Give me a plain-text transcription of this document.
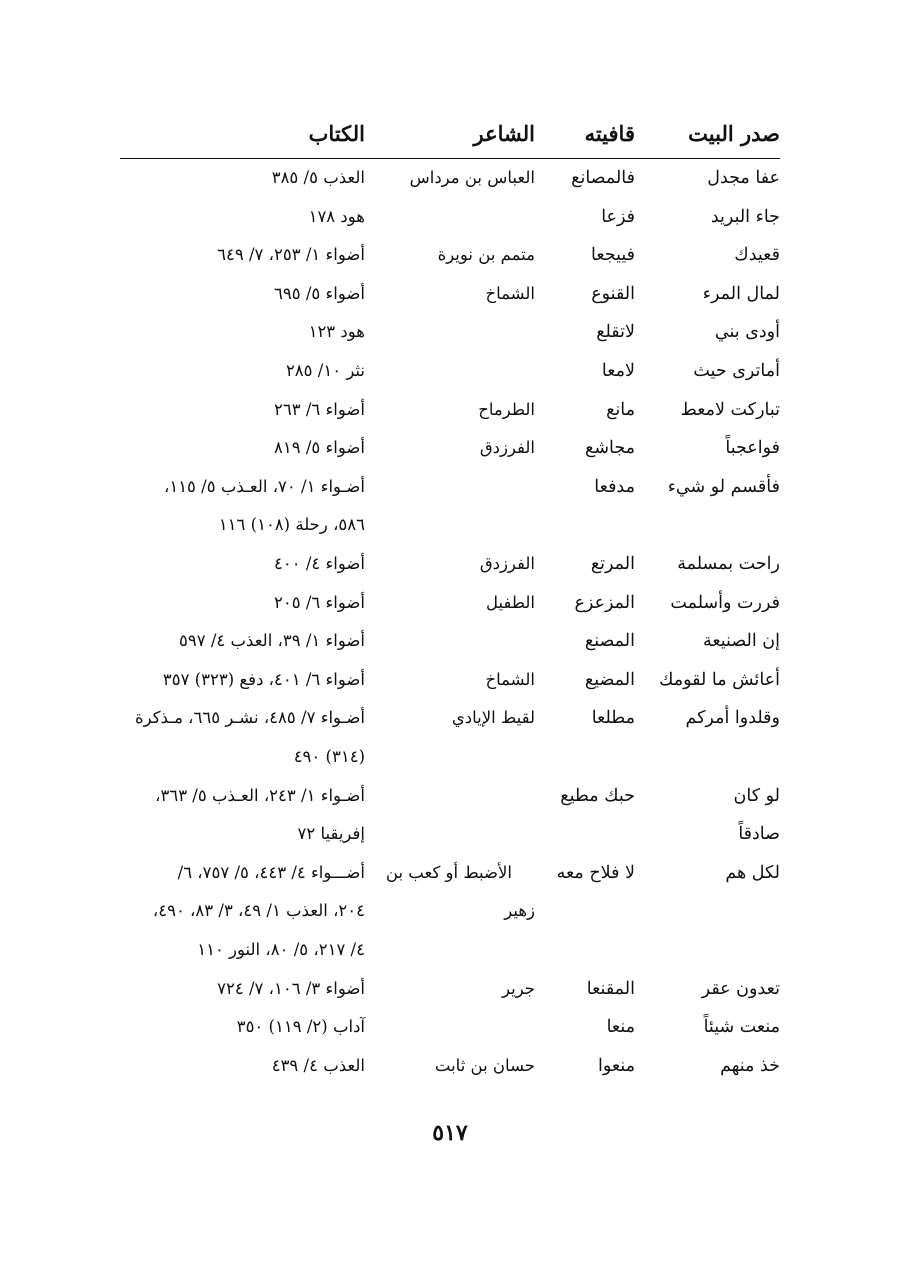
صدر البيت
قافيته
الشاعر
الكتاب
عفا مجدل
فالمصانع
العباس بن مرداس
العذب ٥/ ٣٨٥
جاء البريد
فزعا
هود ١٧٨
قعيدك
فييجعا
متمم بن نويرة
أضواء ١/ ٢٥٣، ٧/ ٦٤٩
لمال المرء
القنوع
الشماخ
أضواء ٥/ ٦٩٥
أودى بني
لاتقلع
هود ١٢٣
أماترى حيث
لامعا
نثر ١٠/ ٢٨٥
تباركت لامعط
مانع
الطرماح
أضواء ٦/ ٢٦٣
فواعجباً
مجاشع
الفرزدق
أضواء ٥/ ٨١٩
فأقسم لو شيء
مدفعا
أضـواء ١/ ٧٠، العـذب ٥/ ١١٥،
٥٨٦، رحلة (١٠٨) ١١٦
راحت بمسلمة
المرتع
الفرزدق
أضواء ٤/ ٤٠٠
فررت وأسلمت
المزعزع
الطفيل
أضواء ٦/ ٢٠٥
إن الصنيعة
المصنع
أضواء ١/ ٣٩، العذب ٤/ ٥٩٧
أعائش ما لقومك
المضيع
الشماخ
أضواء ٦/ ٤٠١، دفع (٣٢٣) ٣٥٧
وقلدوا أمركم
مطلعا
لقيط الإيادي
أضـواء ٧/ ٤٨٥، نشـر ٦٦٥، مـذكرة
(٣١٤) ٤٩٠
لو كان
حبك مطيع
أضـواء ١/ ٢٤٣، العـذب ٥/ ٣٦٣،
صادقاً
إفريقيا ٧٢
لكل هم
لا فلاح معه
الأضبط أو كعب بن
أضـــواء ٤/ ٤٤٣، ٥/ ٧٥٧، ٦/
زهير
٢٠٤، العذب ١/ ٤٩، ٣/ ٨٣، ٤٩٠،
٤/ ٢١٧، ٥/ ٨٠، النور ١١٠
تعدون عقر
المقنعا
جرير
أضواء ٣/ ١٠٦، ٧/ ٧٢٤
منعت شيئاً
منعا
آداب (٢/ ١١٩) ٣٥٠
خذ منهم
منعوا
حسان بن ثابت
العذب ٤/ ٤٣٩
٥١٧
